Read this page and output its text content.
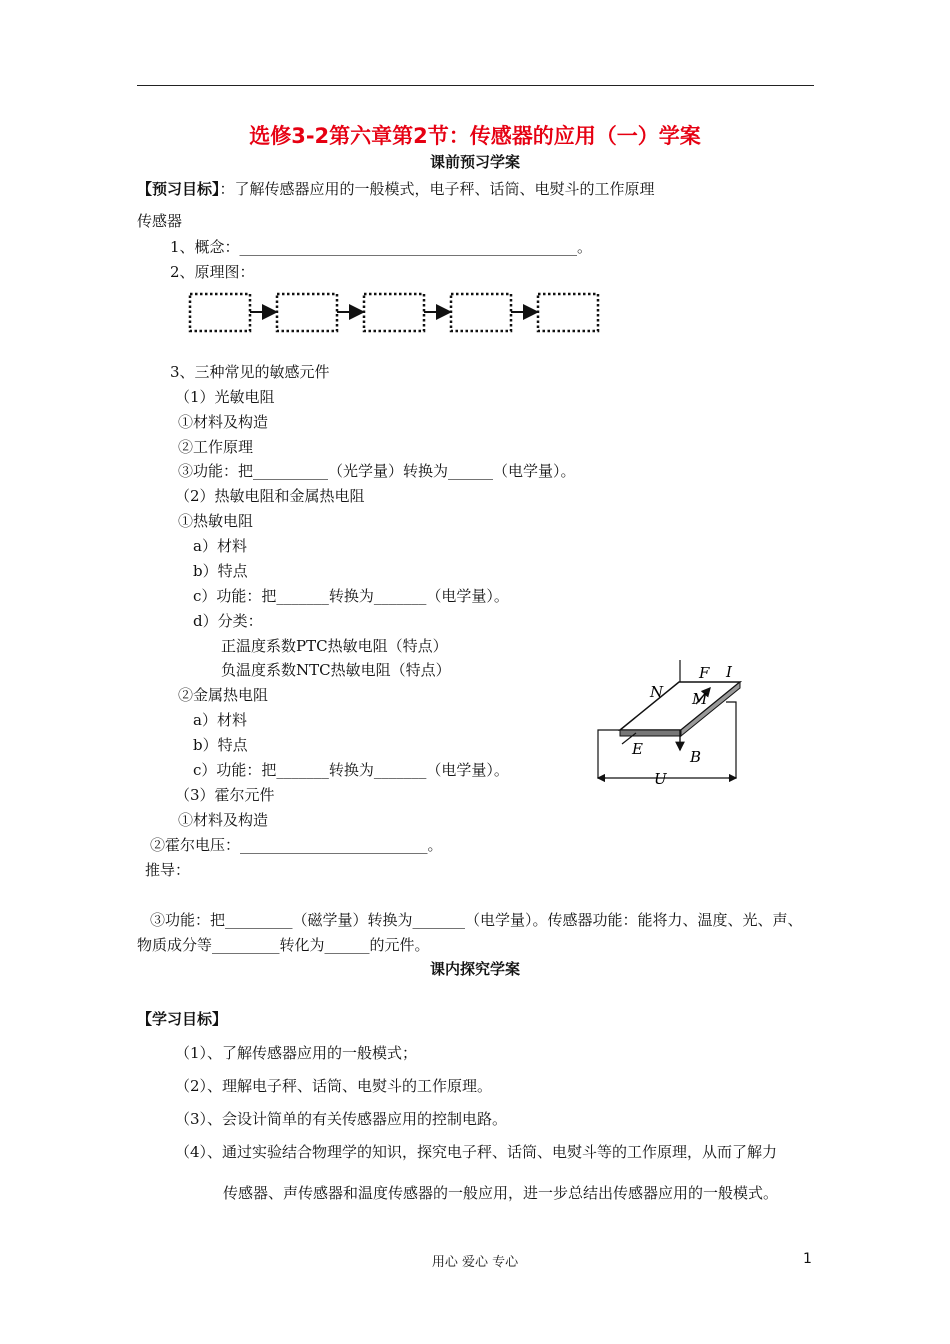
选修3-2第六章第2节：传感器的应用（一）学案
课前预习学案
【预习目标】：了解传感器应用的一般模式，电子秤、话筒、电熨斗的工作原理
传感器
1、概念：_____________________________________________。
2、原理图：
3、三种常见的敏感元件
（1）光敏电阻
①材料及构造
②工作原理
③功能：把__________（光学量）转换为______（电学量）。
（2）热敏电阻和金属热电阻
①热敏电阻
a）材料
b）特点
c）功能：把_______转换为_______（电学量）。
d）分类：
正温度系数PTC热敏电阻（特点）
负温度系数NTC热敏电阻（特点）
②金属热电阻
a）材料
b）特点
c）功能：把_______转换为_______（电学量）。
（3）霍尔元件
①材料及构造
②霍尔电压：_________________________。
推导：
③功能：把_________（磁学量）转换为_______（电学量）。传感器功能：能将力、温度、光、声、
物质成分等_________转化为______的元件。
F I
N M
E	B
U
课内探究学案
【学习目标】
（1）、了解传感器应用的一般模式；
（2）、理解电子秤、话筒、电熨斗的工作原理。
（3）、会设计简单的有关传感器应用的控制电路。
（4）、通过实验结合物理学的知识，探究电子秤、话筒、电熨斗等的工作原理，从而了解力
传感器、声传感器和温度传感器的一般应用，进一步总结出传感器应用的一般模式。
用心 爱心 专心	1
